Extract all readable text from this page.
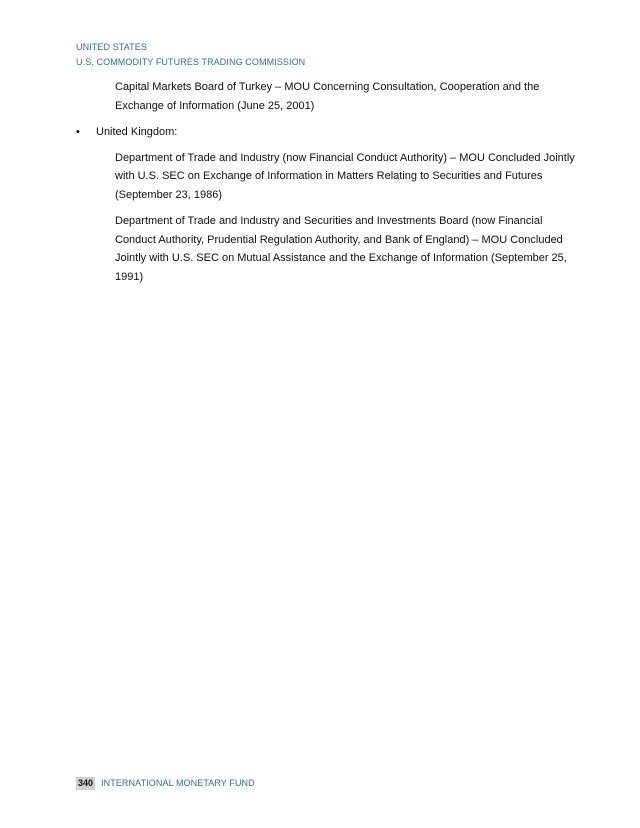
UNITED STATES
U.S. COMMODITY FUTURES TRADING COMMISSION

Capital Markets Board of Turkey – MOU Concerning Consultation, Cooperation and the Exchange of Information (June 25, 2001)

•	United Kingdom:

Department of Trade and Industry (now Financial Conduct Authority) – MOU Concluded Jointly with U.S. SEC on Exchange of Information in Matters Relating to Securities and Futures (September 23, 1986)

Department of Trade and Industry and Securities and Investments Board (now Financial Conduct Authority, Prudential Regulation Authority, and Bank of England) – MOU Concluded Jointly with U.S. SEC on Mutual Assistance and the Exchange of Information (September 25, 1991)

340 INTERNATIONAL MONETARY FUND
